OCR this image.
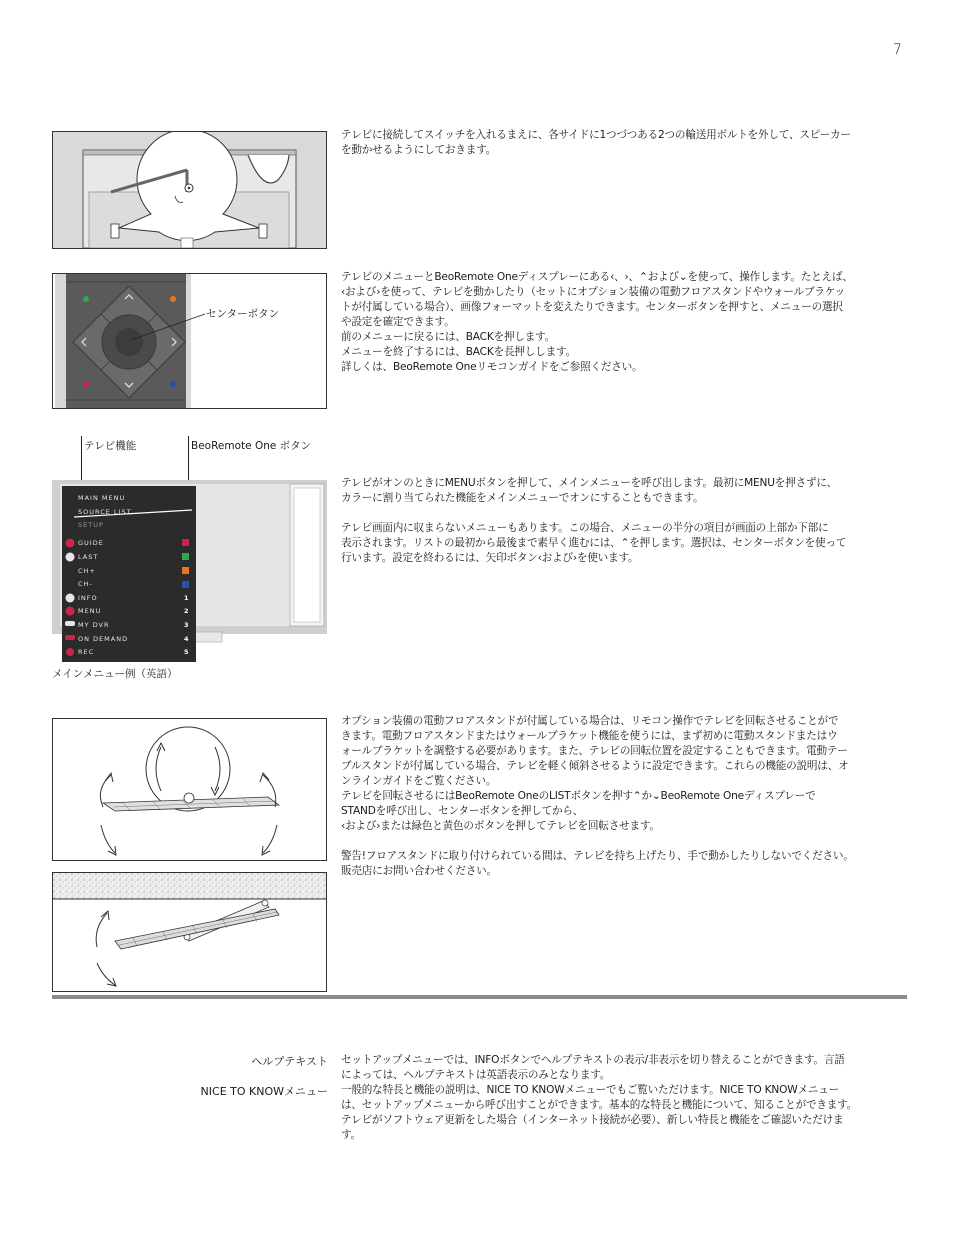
7

テレビに接続してスイッチを入れるまえに、各サイドに1つづつある2つの輸送用ボルトを外して、スピーカー

を動かせるようにしておきます。

センターボタン

テレビのメニューとBeoRemote Oneディスプレーにある‹、›、⌃および⌄を使って、操作します。たとえば、

‹および›を使って、テレビを動かしたり（セットにオプション装備の電動フロアスタンドやウォールブラケッ

トが付属している場合）、画像フォーマットを変えたりできます。センターボタンを押すと、メニューの選択

や設定を確定できます。

前のメニューに戻るには、BACKを押します。

メニューを終了するには、BACKを長押しします。

詳しくは、BeoRemote Oneリモコンガイドをご参照ください。

テレビ機能	BeoRemote One ボタン
MAIN MENU
SOURCE LIST
SETUP
GUIDE
LAST
CH+
CH-
INFO	1
MENU	2
MY DVR	3
ON DEMAND	4
REC	5
メインメニュー例（英語）

テレビがオンのときにMENUボタンを押して、メインメニューを呼び出します。最初にMENUを押さずに、

カラーに割り当てられた機能をメインメニューでオンにすることもできます。

テレビ画面内に収まらないメニューもあります。この場合、メニューの半分の項目が画面の上部か下部に

表示されます。リストの最初から最後まで素早く進むには、⌃を押します。選択は、センターボタンを使って

行います。設定を終わるには、矢印ボタン‹および›を使います。

オプション装備の電動フロアスタンドが付属している場合は、リモコン操作でテレビを回転させることがで

きます。電動フロアスタンドまたはウォールブラケット機能を使うには、まず初めに電動スタンドまたはウ

ォールブラケットを調整する必要があります。また、テレビの回転位置を設定することもできます。電動テー

ブルスタンドが付属している場合、テレビを軽く傾斜させるように設定できます。これらの機能の説明は、オ

ンラインガイドをご覧ください。

テレビを回転させるにはBeoRemote OneのLISTボタンを押す⌃か⌄BeoRemote Oneディスプレーで

STANDを呼び出し、センターボタンを押してから、

‹および›または緑色と黄色のボタンを押してテレビを回転させます。

警告!フロアスタンドに取り付けられている間は、テレビを持ち上げたり、手で動かしたりしないでください。

販売店にお問い合わせください。

ヘルプテキスト セットアップメニューでは、INFOボタンでヘルプテキストの表示/非表示を切り替えることができます。言語

によっては、ヘルプテキストは英語表示のみとなります。

NICE TO KNOWメニュー 一般的な特長と機能の説明は、NICE TO KNOWメニューでもご覧いただけます。NICE TO KNOWメニュー

は、セットアップメニューから呼び出すことができます。基本的な特長と機能について、知ることができます。

テレビがソフトウェア更新をした場合（インターネット接続が必要）、新しい特長と機能をご確認いただけま

す。
